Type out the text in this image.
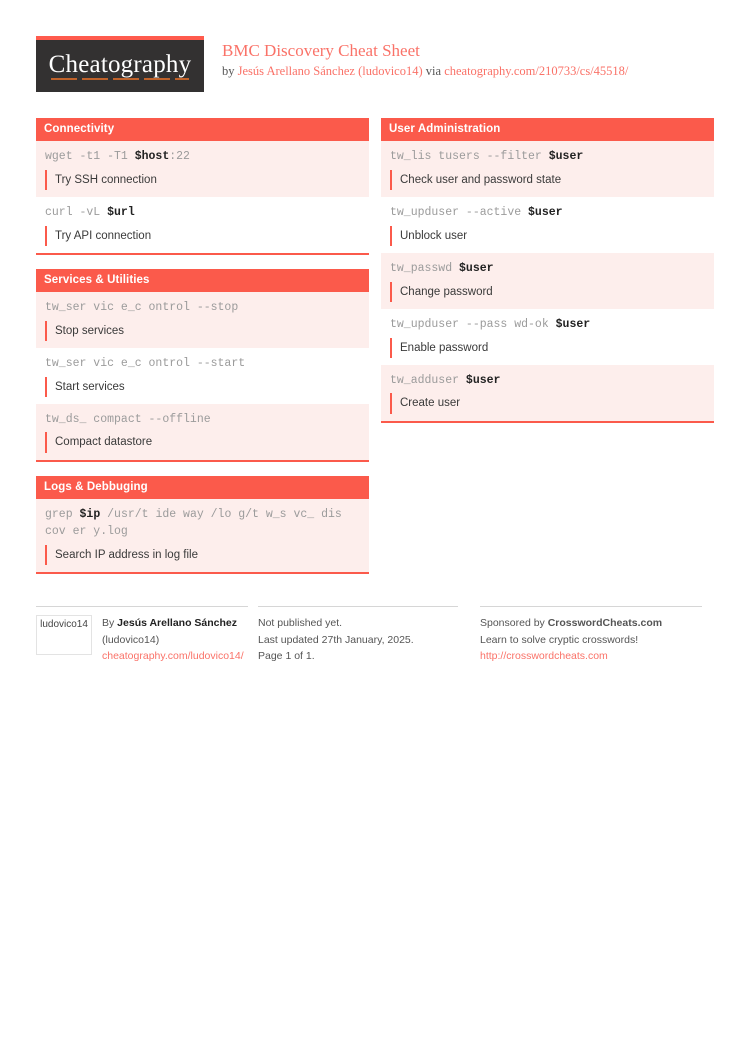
Cheatography
BMC Discovery Cheat Sheet
by Jesús Arellano Sánchez (ludovico14) via cheatography.com/210733/cs/45518/
Connectivity
wget -t1 -T1 $host:22
Try SSH connection
curl -vL $url
Try API connection
Services & Utilities
tw_ser vic e_c ontrol --stop
Stop services
tw_ser vic e_c ontrol --start
Start services
tw_ds_ compact --offline
Compact datastore
Logs & Debbuging
grep $ip /usr/t ide way /lo g/t w_s vc_ dis cov er y.log
Search IP address in log file
User Administration
tw_lis tusers --filter $user
Check user and password state
tw_upduser --active $user
Unblock user
tw_passwd $user
Change password
tw_upduser --pass wd-ok $user
Enable password
tw_adduser $user
Create user
ludovico14	By Jesús Arellano Sánchez
(ludovico14)
cheatography.com/ludovico14/
Not published yet.
Last updated 27th January, 2025.
Page 1 of 1.
Sponsored by CrosswordCheats.com
Learn to solve cryptic crosswords!
http://crosswordcheats.com
